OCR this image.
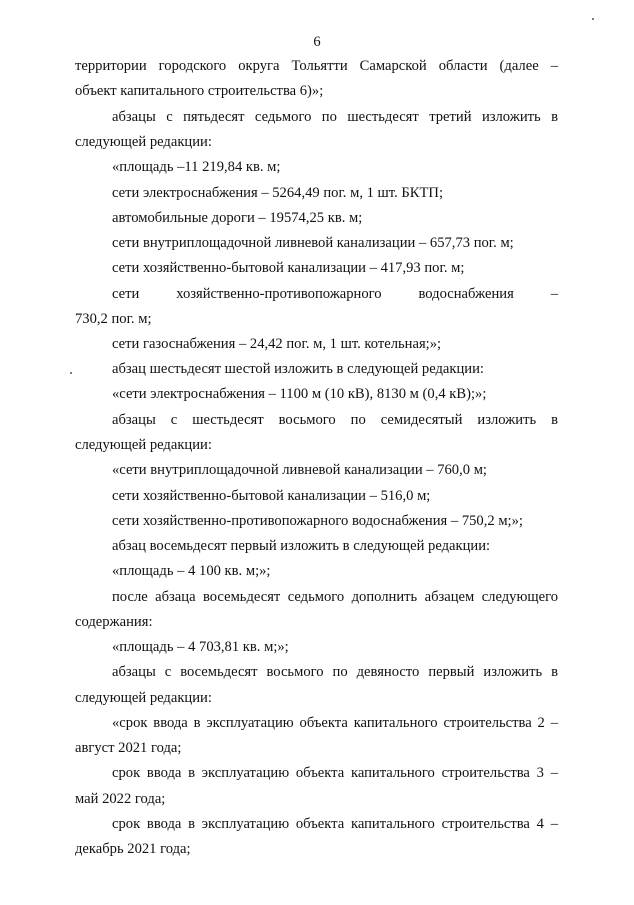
6
территории городского округа Тольятти Самарской области (далее –
объект капитального строительства 6)»;
абзацы с пятьдесят седьмого по шестьдесят третий изложить в
следующей редакции:
«площадь –11 219,84 кв. м;
сети электроснабжения – 5264,49 пог. м, 1 шт. БКТП;
автомобильные дороги – 19574,25 кв. м;
сети внутриплощадочной ливневой канализации – 657,73 пог. м;
сети хозяйственно-бытовой канализации – 417,93 пог. м;
сети хозяйственно-противопожарного водоснабжения –
730,2 пог. м;
сети газоснабжения – 24,42 пог. м, 1 шт. котельная;»;
абзац шестьдесят шестой изложить в следующей редакции:
«сети электроснабжения – 1100 м (10 кВ), 8130 м (0,4 кВ);»;
абзацы с шестьдесят восьмого по семидесятый изложить в
следующей редакции:
«сети внутриплощадочной ливневой канализации – 760,0 м;
сети хозяйственно-бытовой канализации – 516,0 м;
сети хозяйственно-противопожарного водоснабжения – 750,2 м;»;
абзац восемьдесят первый изложить в следующей редакции:
«площадь – 4 100 кв. м;»;
после абзаца восемьдесят седьмого дополнить абзацем следующего
содержания:
«площадь – 4 703,81 кв. м;»;
абзацы с восемьдесят восьмого по девяносто первый изложить в
следующей редакции:
«срок ввода в эксплуатацию объекта капитального строительства 2 –
август 2021 года;
срок ввода в эксплуатацию объекта капитального строительства 3 –
май 2022 года;
срок ввода в эксплуатацию объекта капитального строительства 4 –
декабрь 2021 года;
